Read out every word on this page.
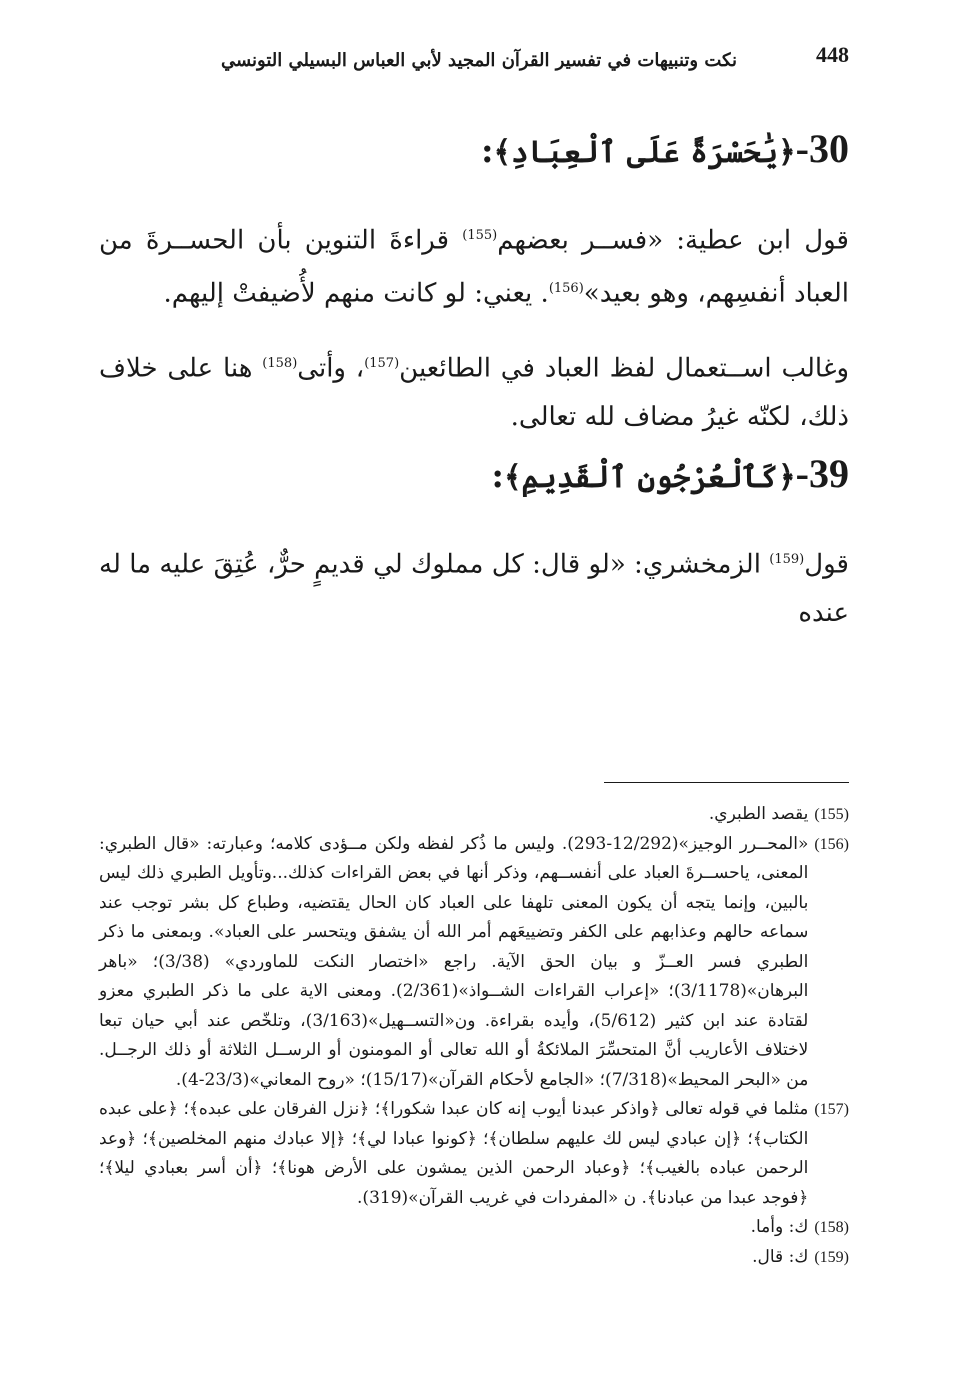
448
نكت وتنبيهات في تفسير القرآن المجيد لأبي العباس البسيلي التونسي
30-﴿يَٰحَسْرَةً عَلَى ٱلْعِبَادِ﴾:

قول ابن عطية: «فســر بعضهم$^{(155)}$ قراءةَ التنوين بأن الحســرةَ من العباد أنفسِهم، وهو بعيد»$^{(156)}$. يعني: لو كانت منهم لأُضيفتْ إليهم.

وغالب اســتعمال لفظ العباد في الطائعين$^{(157)}$، وأتى$^{(158)}$ هنا على خلاف ذلك، لكنّه غيرُ مضاف لله تعالى.

39-﴿كَٱلْعُرْجُونِ ٱلْقَدِيمِ﴾:

قول$^{(159)}$ الزمخشري: «لو قال: كل مملوك لي قديمٍ حرٌّ، عُتِقَ عليه ما له عنده

(155)
يقصد الطبري.
(156)
«المحــرر الوجيز»(12/292-293). وليس ما ذُكر لفظه ولكن مــؤدى كلامه؛ وعبارته: «قال الطبري: المعنى، ياحســرةَ العباد على أنفســهم، وذكر أنها في بعض القراءات كذلك...وتأويل الطبري ذلك ليس بالبين، وإنما يتجه أن يكون المعنى تلهفا على العباد كان الحال يقتضيه، وطباع كل بشر توجب عند سماعه حالهم وعذابهم على الكفر وتضييعَهم أمر الله أن يشفق ويتحسر على العباد». وبمعنى ما ذكر الطبري فسر العــزّ و بيان الحق الآية. راجع «اختصار النكت للماوردي» (3/38)؛ «باهر البرهان»(3/1178)؛ «إعراب القراءات الشــواذ»(2/361). ومعنى الاية على ما ذكر الطبري معزو لقتادة عند ابن كثير (5/612)، وأيده بقراءة. ون«التســهيل»(3/163)، وتلخّص عند أبي حيان تبعا لاختلاف الأعاريب أنَّ المتحسِّرَ الملائكةُ أو الله تعالى أو المومنون أو الرســل الثلاثة أو ذلك الرجــل. من «البحر المحيط»(7/318)؛ «الجامع لأحكام القرآن»(15/17)؛ «روح المعاني»(23/3-4).
(157)
مثلما في قوله تعالى ﴿واذكر عبدنا أيوب إنه كان عبدا شكورا﴾؛ ﴿نزل الفرقان على عبده﴾؛ ﴿على عبده الكتاب﴾؛ ﴿إن عبادي ليس لك عليهم سلطان﴾؛ ﴿كونوا عبادا لي﴾؛ ﴿إلا عبادك منهم المخلصين﴾؛ ﴿وعد الرحمن عباده بالغيب﴾؛ ﴿وعباد الرحمن الذين يمشون على الأرض هونا﴾؛ ﴿أن أسر بعبادي ليلا﴾؛ ﴿فوجد عبدا من عبادنا﴾. ن «المفردات في غريب القرآن»(319).
(158)
ك: وأما.
(159)
ك: قال.
